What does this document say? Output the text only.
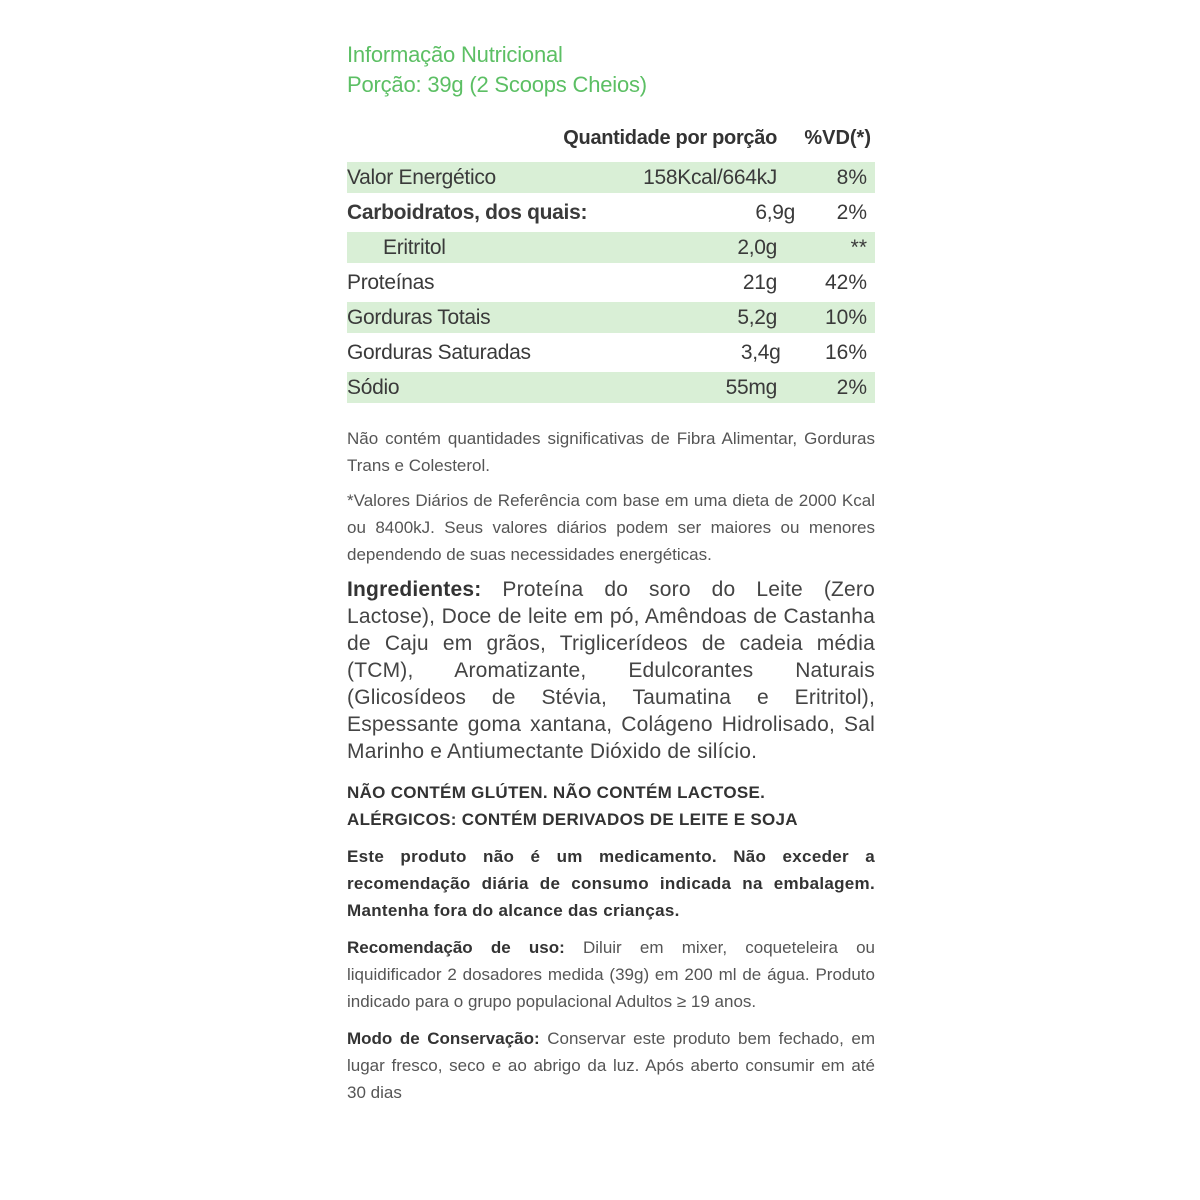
Informação Nutricional
Porção: 39g (2 Scoops Cheios)
Quantidade por porção	%VD(*)
Valor Energético	158Kcal/664kJ	8%
Carboidratos, dos quais:	6,9g	2%
Eritritol	2,0g	**
Proteínas	21g	42%
Gorduras Totais	5,2g	10%
Gorduras Saturadas	3,4g	16%
Sódio	55mg	2%

Não contém quantidades significativas de Fibra Alimentar, Gorduras Trans e Colesterol.

*Valores Diários de Referência com base em uma dieta de 2000 Kcal ou 8400kJ. Seus valores diários podem ser maiores ou menores dependendo de suas necessidades energéticas.

Ingredientes: Proteína do soro do Leite (Zero Lactose), Doce de leite em pó, Amêndoas de Castanha de Caju em grãos, Triglicerídeos de cadeia média (TCM), Aromatizante, Edulcorantes Naturais (Glicosídeos de Stévia, Taumatina e Eritritol), Espessante goma xantana, Colágeno Hidrolisado, Sal Marinho e Antiumectante Dióxido de silício.
NÃO CONTÉM GLÚTEN. NÃO CONTÉM LACTOSE.
ALÉRGICOS: CONTÉM DERIVADOS DE LEITE E SOJA
Este produto não é um medicamento. Não exceder a recomendação diária de consumo indicada na embalagem. Mantenha fora do alcance das crianças.
Recomendação de uso: Diluir em mixer, coqueteleira ou liquidificador 2 dosadores medida (39g) em 200 ml de água. Produto indicado para o grupo populacional Adultos ≥ 19 anos.
Modo de Conservação: Conservar este produto bem fechado, em lugar fresco, seco e ao abrigo da luz. Após aberto consumir em até 30 dias
